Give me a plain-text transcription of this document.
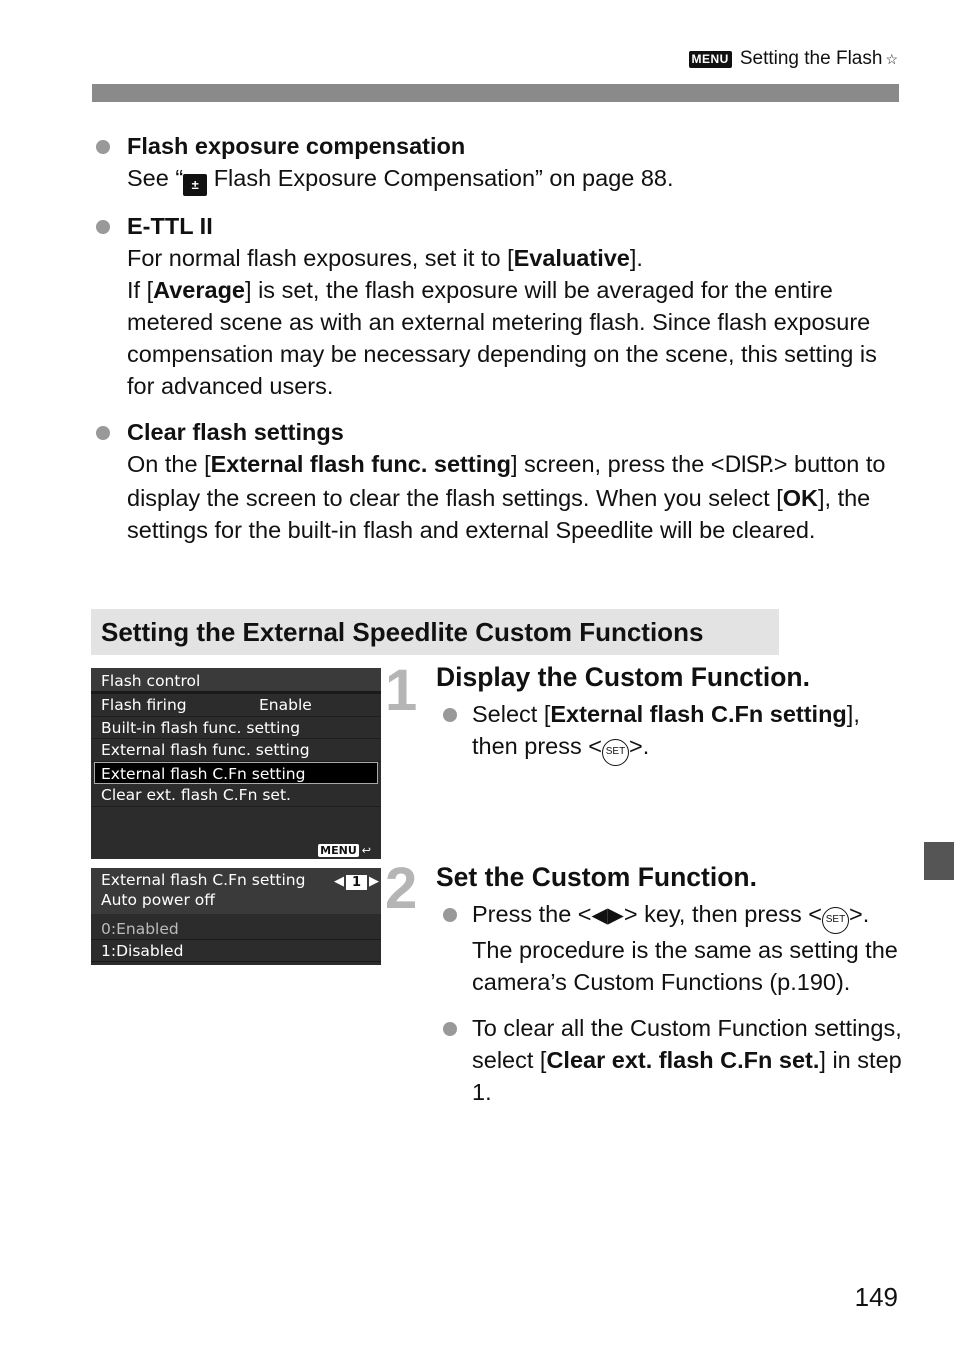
MENU Setting the Flash ☆
Flash exposure compensation
See “ ± Flash Exposure Compensation” on page 88.
E-TTL II
For normal flash exposures, set it to [Evaluative].
If [Average] is set, the flash exposure will be averaged for the entire metered scene as with an external metering flash. Since flash exposure compensation may be necessary depending on the scene, this setting is for advanced users.
Clear flash settings
On the [External flash func. setting] screen, press the <DISP.> button to display the screen to clear the flash settings. When you select [OK], the settings for the built-in flash and external Speedlite will be cleared.
Setting the External Speedlite Custom Functions
Flash control
Flash firing	Enable
Built-in flash func. setting
External flash func. setting
External flash C.Fn setting
Clear ext. flash C.Fn set.
MENU ↩
External flash C.Fn setting
Auto power off
◀ 1 ▶
0:Enabled
1:Disabled
1 Display the Custom Function.
Select [External flash C.Fn setting],
then press < SET >.
2 Set the Custom Function.
Press the <◀▶> key, then press < SET >. The procedure is the same as setting the camera’s Custom Functions (p.190).
To clear all the Custom Function settings, select [Clear ext. flash C.Fn set.] in step 1.
149
